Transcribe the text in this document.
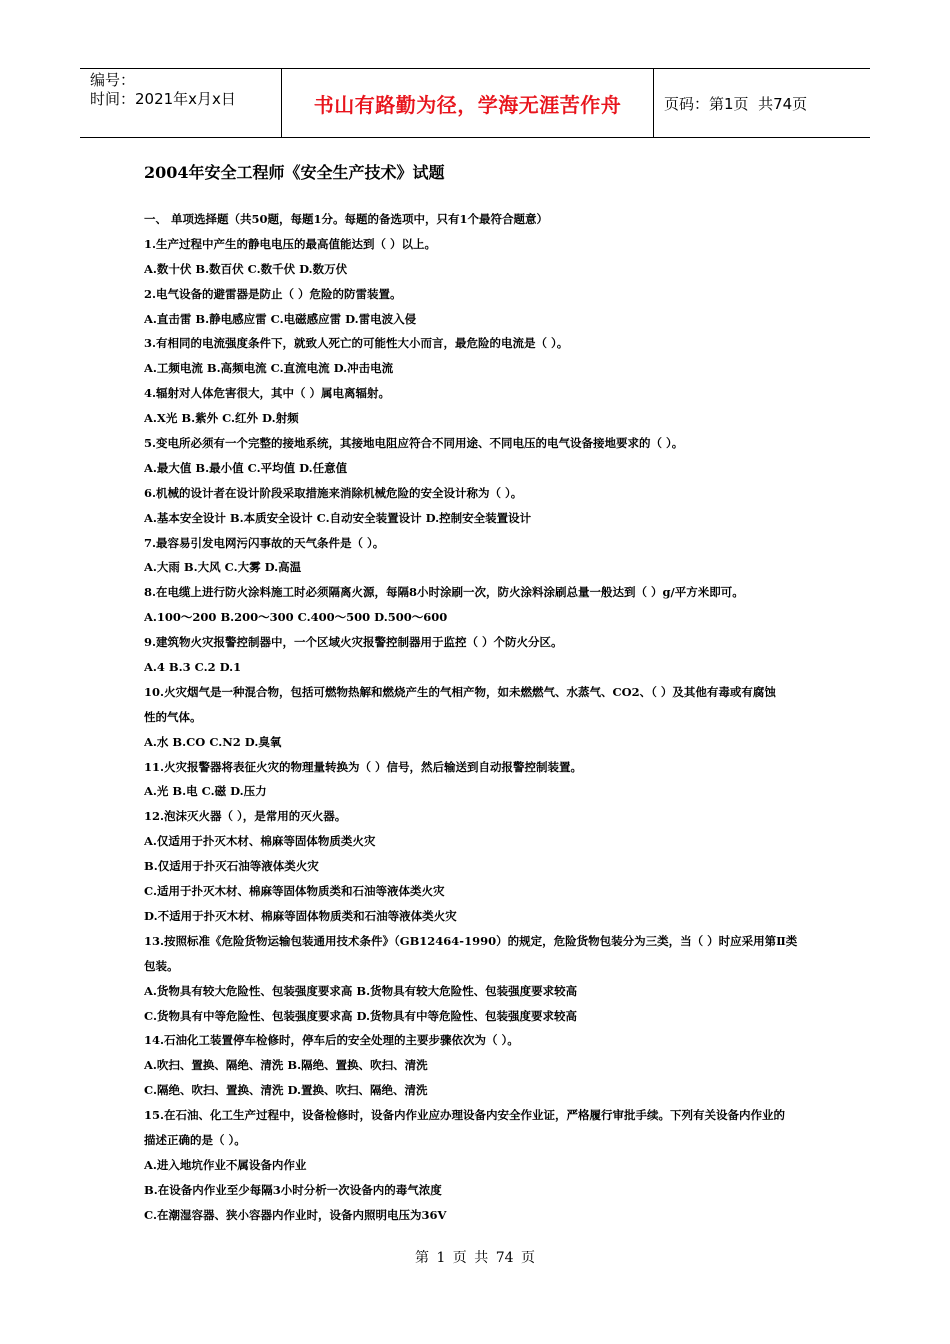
编号：
时间：2021年x月x日	书山有路勤为径，学海无涯苦作舟	页码：第1页  共74页
2004年安全工程师《安全生产技术》试题
一、 单项选择题（共50题，每题1分。每题的备选项中，只有1个最符合题意）
1.生产过程中产生的静电电压的最高值能达到（ ）以上。
A.数十伏 B.数百伏 C.数千伏 D.数万伏
2.电气设备的避雷器是防止（ ）危险的防雷装置。
A.直击雷 B.静电感应雷 C.电磁感应雷 D.雷电波入侵
3.有相同的电流强度条件下，就致人死亡的可能性大小而言，最危险的电流是（ ）。
A.工频电流 B.高频电流 C.直流电流 D.冲击电流
4.辐射对人体危害很大，其中（ ）属电离辐射。
A.X光 B.紫外 C.红外 D.射频
5.变电所必须有一个完整的接地系统，其接地电阻应符合不同用途、不同电压的电气设备接地要求的（ ）。
A.最大值 B.最小值 C.平均值 D.任意值
6.机械的设计者在设计阶段采取措施来消除机械危险的安全设计称为（ ）。
A.基本安全设计 B.本质安全设计 C.自动安全装置设计 D.控制安全装置设计
7.最容易引发电网污闪事故的天气条件是（ ）。
A.大雨 B.大风 C.大雾 D.高温
8.在电缆上进行防火涂料施工时必须隔离火源，每隔8小时涂刷一次，防火涂料涂刷总量一般达到（ ）g/平方米即可。
A.100～200 B.200～300 C.400～500 D.500～600
9.建筑物火灾报警控制器中，一个区域火灾报警控制器用于监控（ ）个防火分区。
A.4 B.3 C.2 D.1
10.火灾烟气是一种混合物，包括可燃物热解和燃烧产生的气相产物，如未燃燃气、水蒸气、CO2、（ ）及其他有毒或有腐蚀
性的气体。
A.水 B.CO C.N2 D.臭氧
11.火灾报警器将表征火灾的物理量转换为（ ）信号，然后输送到自动报警控制装置。
A.光 B.电 C.磁 D.压力
12.泡沫灭火器（ ），是常用的灭火器。
A.仅适用于扑灭木材、棉麻等固体物质类火灾
B.仅适用于扑灭石油等液体类火灾
C.适用于扑灭木材、棉麻等固体物质类和石油等液体类火灾
D.不适用于扑灭木材、棉麻等固体物质类和石油等液体类火灾
13.按照标准《危险货物运输包装通用技术条件》（GB12464-1990）的规定，危险货物包装分为三类，当（ ）时应采用第Ⅱ类
包装。
A.货物具有较大危险性、包装强度要求高 B.货物具有较大危险性、包装强度要求较高
C.货物具有中等危险性、包装强度要求高 D.货物具有中等危险性、包装强度要求较高
14.石油化工装置停车检修时，停车后的安全处理的主要步骤依次为（ ）。
A.吹扫、置换、隔绝、清洗 B.隔绝、置换、吹扫、清洗
C.隔绝、吹扫、置换、清洗 D.置换、吹扫、隔绝、清洗
15.在石油、化工生产过程中，设备检修时，设备内作业应办理设备内安全作业证，严格履行审批手续。下列有关设备内作业的
描述正确的是（ ）。
A.进入地坑作业不属设备内作业
B.在设备内作业至少每隔3小时分析一次设备内的毒气浓度
C.在潮湿容器、狭小容器内作业时，设备内照明电压为36V
第 1 页 共 74 页
